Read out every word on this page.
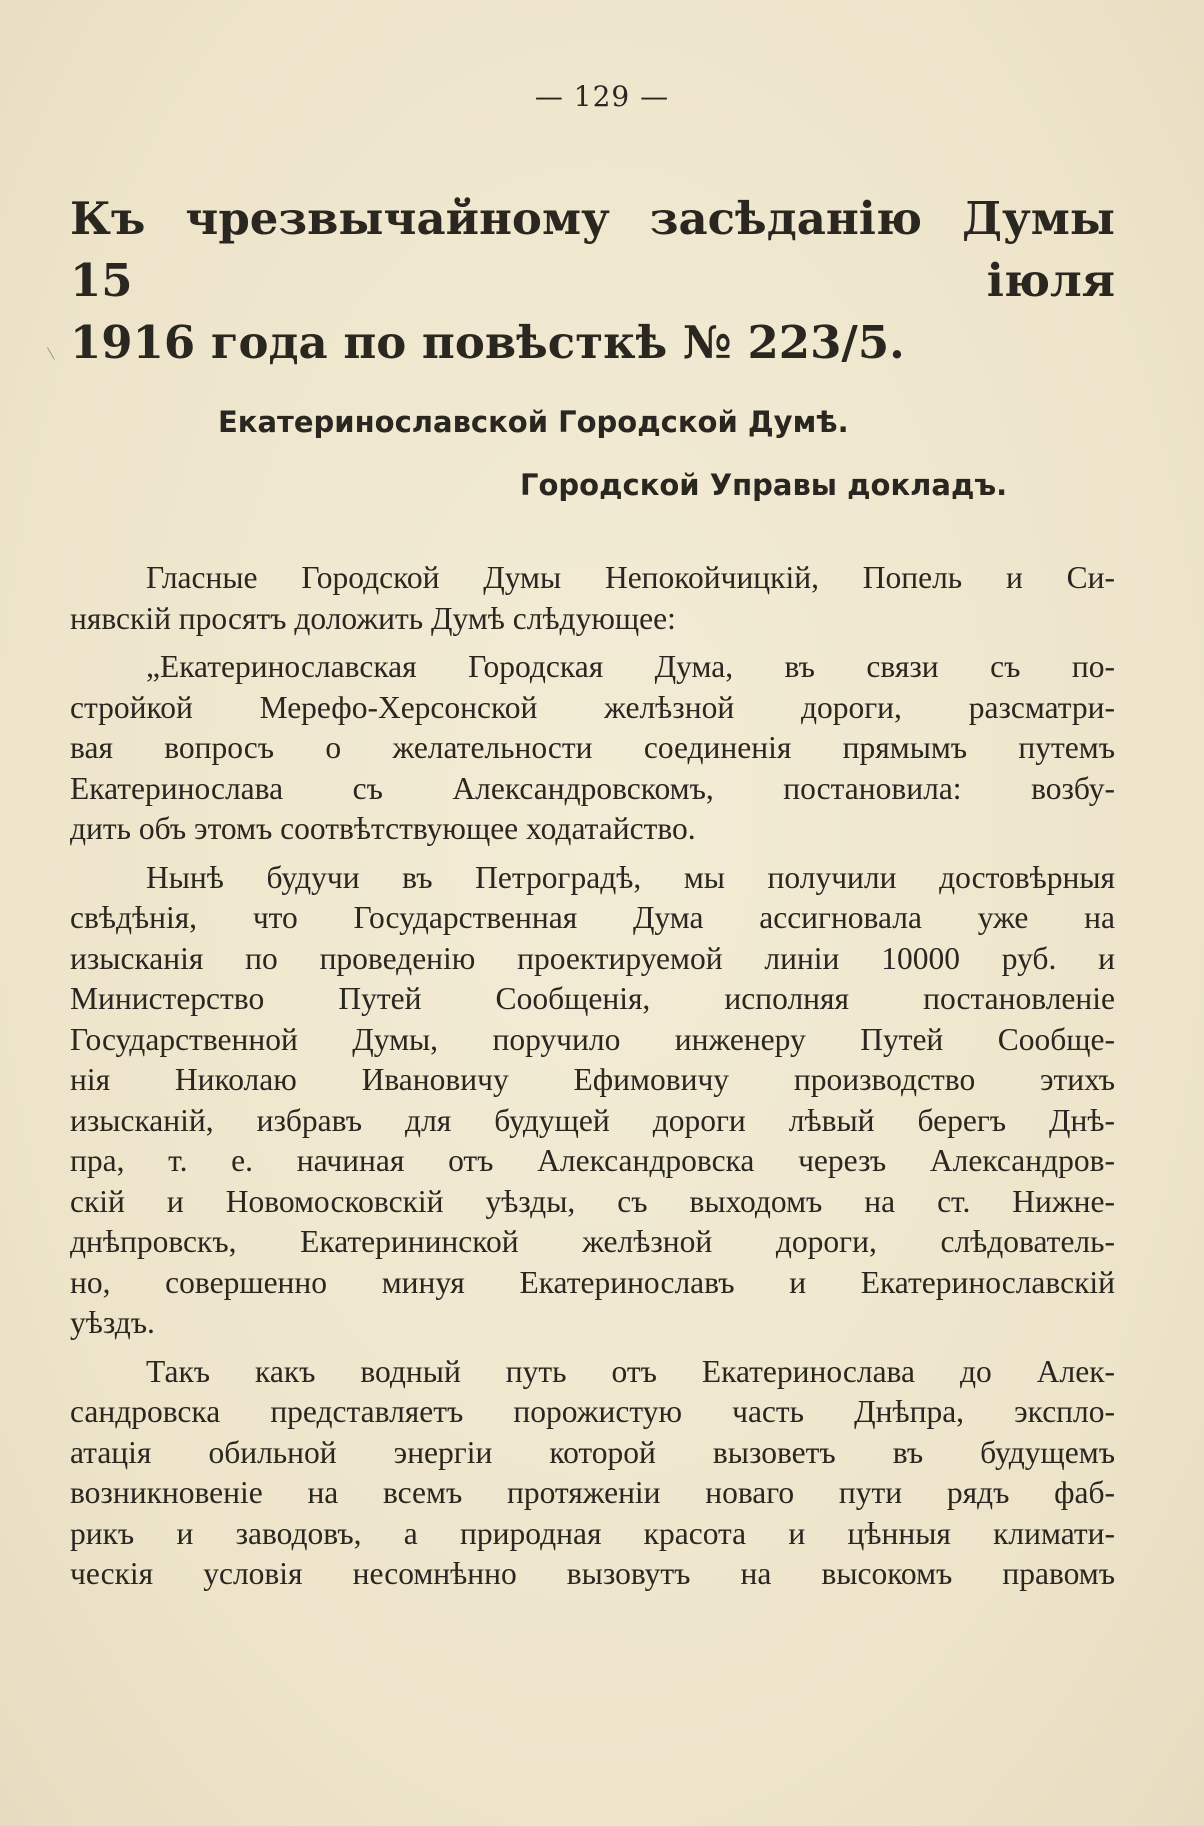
— 129 —
Къ чрезвычайному засѣданію Думы 15 іюля
1916 года по повѣсткѣ № 223/5.
Екатеринославской Городской Думѣ.
Городской Управы докладъ.

Гласные Городской Думы Непокойчицкій, Попель и Си-
нявскій просятъ доложить Думѣ слѣдующее:

„Екатеринославская Городская Дума, въ связи съ по-
стройкой Мерефо-Херсонской желѣзной дороги, разсматри-
вая вопросъ о желательности соединенія прямымъ путемъ
Екатеринослава съ Александровскомъ, постановила: возбу-
дить объ этомъ соотвѣтствующее ходатайство.

Нынѣ будучи въ Петроградѣ, мы получили достовѣрныя
свѣдѣнія, что Государственная Дума ассигновала уже на
изысканія по проведенію проектируемой линіи 10000 руб. и
Министерство Путей Сообщенія, исполняя постановленіе
Государственной Думы, поручило инженеру Путей Сообще-
нія Николаю Ивановичу Ефимовичу производство этихъ
изысканій, избравъ для будущей дороги лѣвый берегъ Днѣ-
пра, т. е. начиная отъ Александровска черезъ Александров-
скій и Новомосковскій уѣзды, съ выходомъ на ст. Нижне-
днѣпровскъ, Екатерининской желѣзной дороги, слѣдователь-
но, совершенно минуя Екатеринославъ и Екатеринославскій
уѣздъ.

Такъ какъ водный путь отъ Екатеринослава до Алек-
сандровска представляетъ порожистую часть Днѣпра, экспло-
атація обильной энергіи которой вызоветъ въ будущемъ
возникновеніе на всемъ протяженіи новаго пути рядъ фаб-
рикъ и заводовъ, а природная красота и цѣнныя климати-
ческія условія несомнѣнно вызовутъ на высокомъ правомъ
